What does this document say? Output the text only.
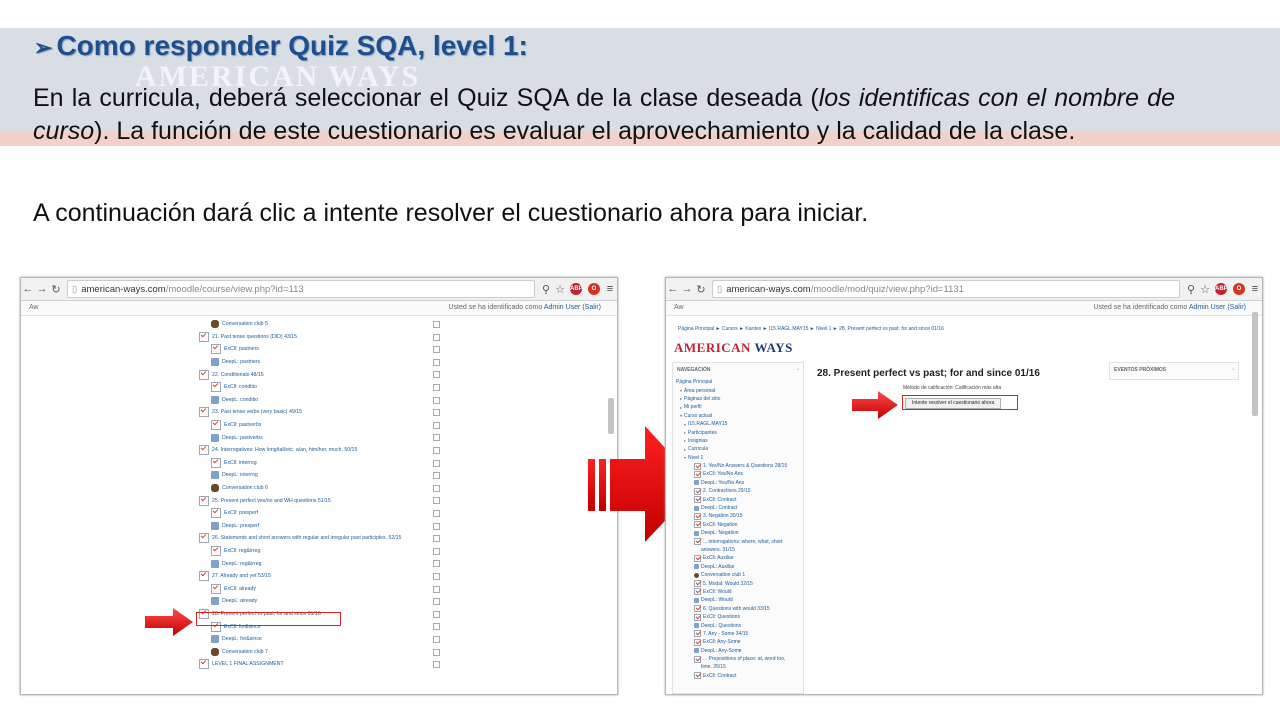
AMERICAN WAYS
➢ Como responder Quiz SQA, level 1:
En la curricula, deberá seleccionar el Quiz SQA de la clase deseada (los identificas con el nombre de curso). La función de este cuestionario es evaluar el aprovechamiento y la calidad de la clase.
A continuación dará clic a intente resolver el cuestionario ahora para iniciar.
← → ↻ ▯ american-ways.com /moodle/course/view.php?id=113	⚲ ☆ ABP	O ≡
Aw	Usted se ha identificado como Admin User (Salir)
Conversation club 5
21. Past tense questions (DID) 43/15
ExCll: pastners
DeepL: pastners
22. Conditionals 48/15
ExCll: conditio
DeepL: conditio
23. Past tense verbs (very basic) 49/15
ExCll: pastverbs
DeepL: pastverbs
24. Interrogatives: How long/tall/etc. a/an, him/her, much. 50/15
ExCll: interrog
DeepL: interrog
Conversation club 6
25. Present perfect yes/no and WH questions 51/15
ExCll: presperf
DeepL: presperf
26. Statements and short answers with regular and irregular past participles. 52/15
ExCll: reg&irreg
DeepL: reg&irreg
27. Already and yet 53/15
ExCll: already
DeepL: already
28. Present perfect vs past; for and since 01/16
ExCll: for&since
DeepL: for&since
Conversation club 7
LEVEL 1 FINAL ASSIGNMENT
← → ↻ ▯ american-ways.com /moodle/mod/quiz/view.php?id=1131	⚲ ☆ ABP	O ≡
Aw	Usted se ha identificado como Admin User (Salir)
Página Principal ► Cursos ► Kardex ► I15.RAGL.MAY15 ► Nivel 1 ► 28. Present perfect vs past; for and since 01/16
AMERICAN WAYS
NAVEGACIÓN	▫
Página Principal
▾ Área personal
▸ Páginas del sitio
▸ Mi perfil
▾ Curso actual
▾ I15.RAGL.MAY15
▸ Participantes
▸ Insignias
▸ Curricula
▾ Nivel 1
1. Yes/No Answers & Questions 28/15
ExCll: Yes/No Ans
DeepL: Yes/No Ans
2. Contractions 29/15
ExCll: Contract
DeepL: Contract
3. Negation 30/15
ExCll: Negation
DeepL: Negation
... interrogations: where, what, short
answers. 31/15
ExCll: Auxiliar
DeepL: Auxiliar
Conversation club 1
5. Modal: Would 32/15
ExCll: Would
DeepL: Would
6. Questions with would 33/15
ExCll: Questions
DeepL: Questions
7. Any - Some 34/15
ExCll: Any-Some
DeepL: Any-Some
... Prepositions of place: at, word too,
time. 35/15
ExCll: Contract
28. Present perfect vs past; for and since 01/16
Método de calificación: Calificación más alta
Intente resolver el cuestionario ahora
EVENTOS PRÓXIMOS	▫
